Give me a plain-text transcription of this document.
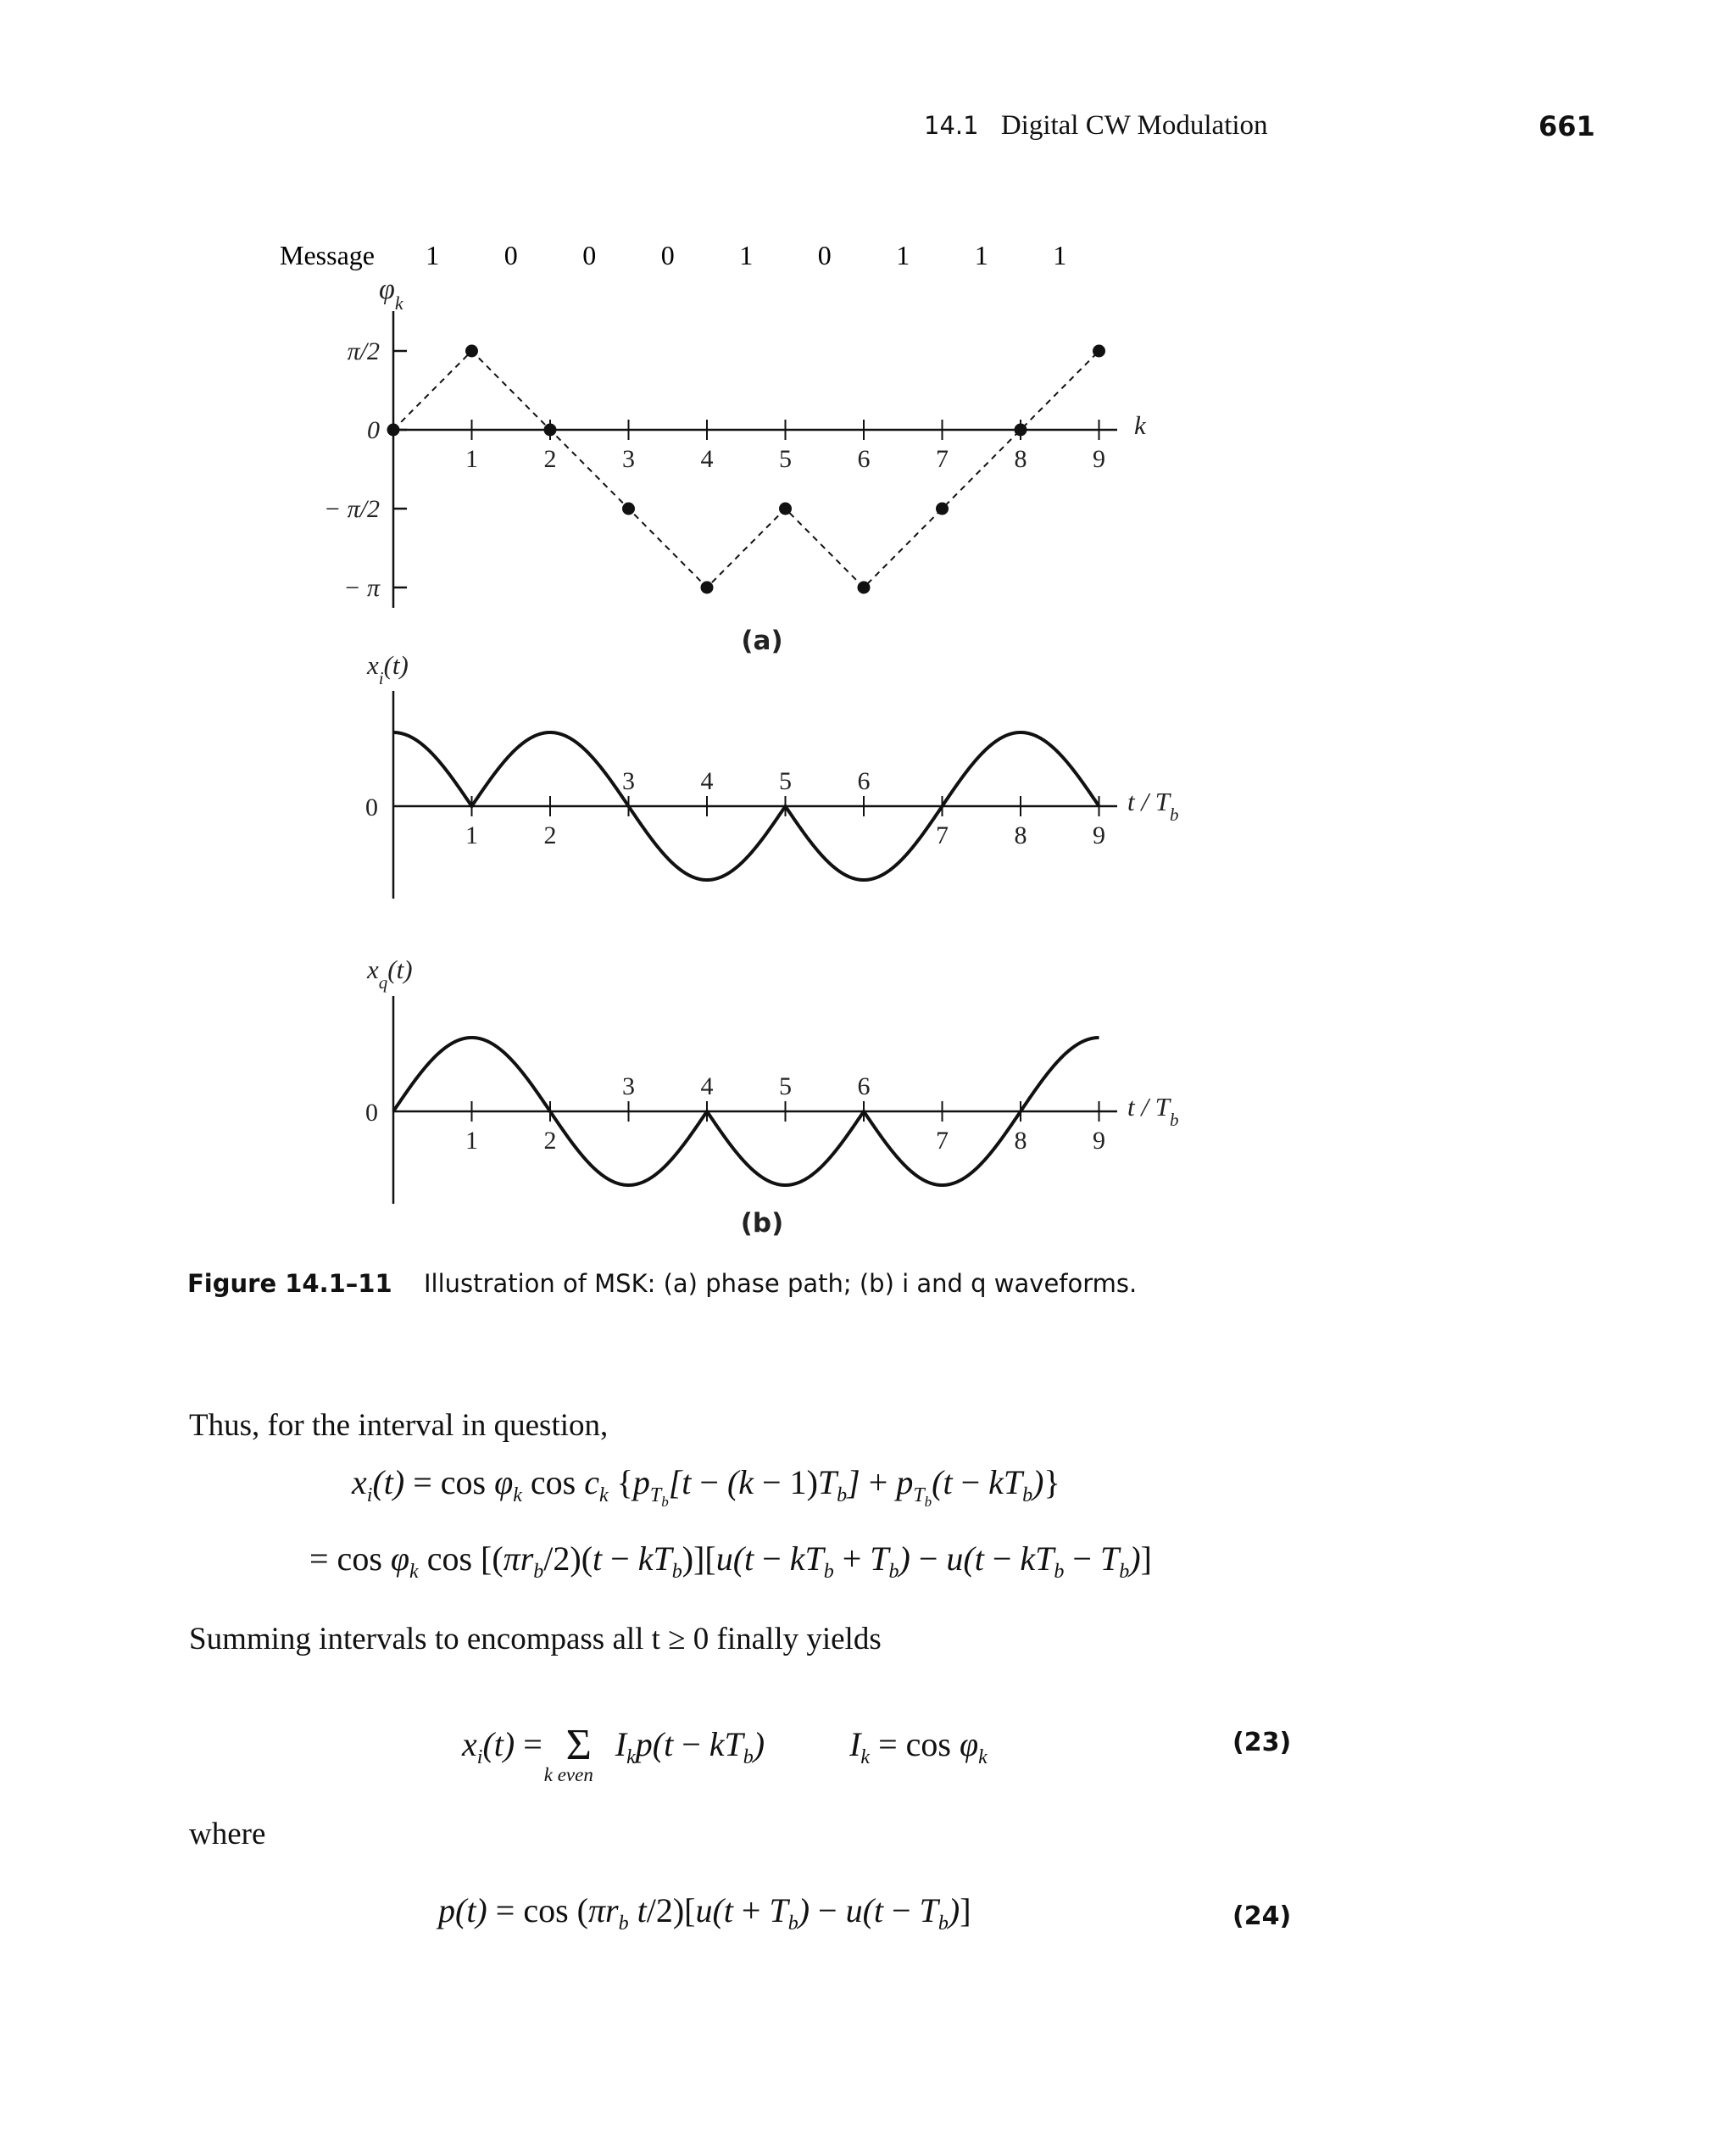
14.1 Digital CW Modulation	661
Message 1 0 0 0 1 0 1 1 1
$\varphi_k$
π/2
0
− π/2
− π
1	2	3	4	5	6	7	8	9
k
(a)
$x_i(t)$
0
1	2
3	4	5	6
7	8	9
t / $T_b$
$x_q(t)$
0
1	2
3	4	5	6
7	8	9
t / $T_b$
(b)
Figure 14.1–11 Illustration of MSK: (a) phase path; (b) i and q waveforms.
Thus, for the interval in question,
$x_i(t) = \cos \varphi_k$ $\cos c_k$ $\{p_{T_b}[t - (k - 1)T_b] + p_{T_b}(t - kT_b)\}$
= $\cos \varphi_k$ $\cos [(\pi r_b/2)(t - kT_b)][u(t - kT_b + T_b) - u(t - kT_b - T_b)]$
Summing intervals to encompass all t ≥ 0 finally yields
$x_i(t) = \Sigma$
k even
$I_kp(t - kT_b) I_k = \cos \varphi_k$	(23)
where
$p(t) = \cos (\pi r_b$ $t/2)[u(t + T_b) - u(t - T_b)]$	(24)
